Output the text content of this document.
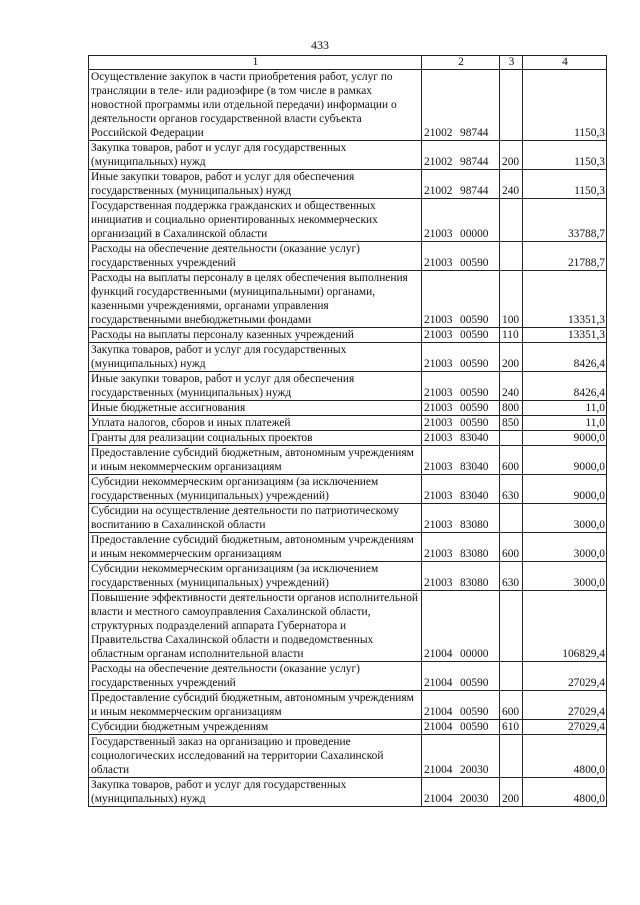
433
1	2	3	4
Осуществление закупок в части приобретения работ, услуг по трансляции в теле- или радиоэфире (в том числе в рамках новостной программы или отдельной передачи) информации о деятельности органов государственной власти субъекта Российской Федерации	21002 98744		1150,3
Закупка товаров, работ и услуг для государственных (муниципальных) нужд	21002 98744	200	1150,3
Иные закупки товаров, работ и услуг для обеспечения государственных (муниципальных) нужд	21002 98744	240	1150,3
Государственная поддержка гражданских и общественных инициатив и социально ориентированных некоммерческих организаций в Сахалинской области	21003 00000		33788,7
Расходы на обеспечение деятельности (оказание услуг) государственных учреждений	21003 00590		21788,7
Расходы на выплаты персоналу в целях обеспечения выполнения функций государственными (муниципальными) органами, казенными учреждениями, органами управления государственными внебюджетными фондами	21003 00590	100	13351,3
Расходы на выплаты персоналу казенных учреждений	21003 00590	110	13351,3
Закупка товаров, работ и услуг для государственных (муниципальных) нужд	21003 00590	200	8426,4
Иные закупки товаров, работ и услуг для обеспечения государственных (муниципальных) нужд	21003 00590	240	8426,4
Иные бюджетные ассигнования	21003 00590	800	11,0
Уплата налогов, сборов и иных платежей	21003 00590	850	11,0
Гранты для реализации социальных проектов	21003 83040		9000,0
Предоставление субсидий бюджетным, автономным учреждениям и иным некоммерческим организациям	21003 83040	600	9000,0
Субсидии некоммерческим организациям (за исключением государственных (муниципальных) учреждений)	21003 83040	630	9000,0
Субсидии на осуществление деятельности по патриотическому воспитанию в Сахалинской области	21003 83080		3000,0
Предоставление субсидий бюджетным, автономным учреждениям и иным некоммерческим организациям	21003 83080	600	3000,0
Субсидии некоммерческим организациям (за исключением государственных (муниципальных) учреждений)	21003 83080	630	3000,0
Повышение эффективности деятельности органов исполнительной власти и местного самоуправления Сахалинской области, структурных подразделений аппарата Губернатора и Правительства Сахалинской области и подведомственных областным органам исполнительной власти	21004 00000		106829,4
Расходы на обеспечение деятельности (оказание услуг) государственных учреждений	21004 00590		27029,4
Предоставление субсидий бюджетным, автономным учреждениям и иным некоммерческим организациям	21004 00590	600	27029,4
Субсидии бюджетным учреждениям	21004 00590	610	27029,4
Государственный заказ на организацию и проведение социологических исследований на территории Сахалинской области	21004 20030		4800,0
Закупка товаров, работ и услуг для государственных (муниципальных) нужд	21004 20030	200	4800,0
